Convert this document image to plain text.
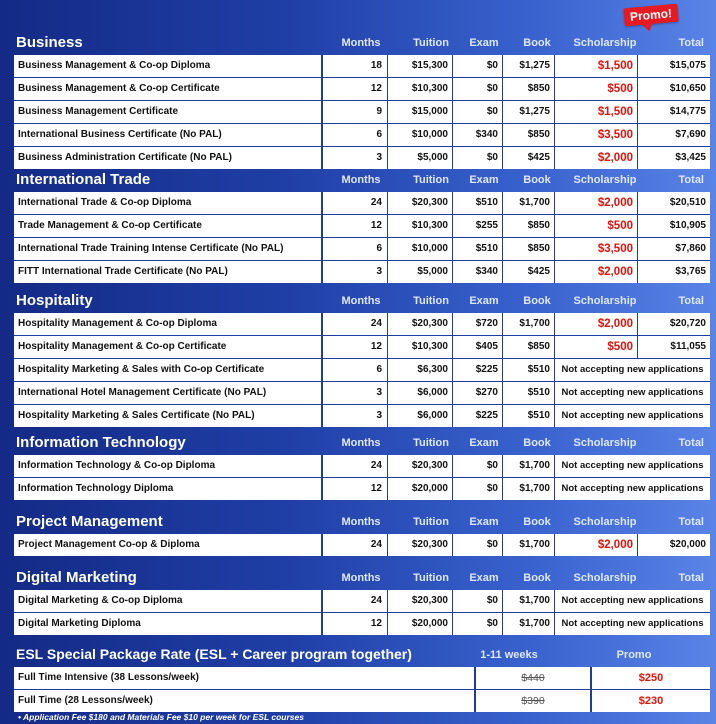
Business	Months	Tuition	Exam	Book	Scholarship	Total
Business Management & Co-op Diploma	18	$15,300	$0	$1,275	$1,500	$15,075
Business Management & Co-op Certificate	12	$10,300	$0	$850	$500	$10,650
Business Management Certificate	9	$15,000	$0	$1,275	$1,500	$14,775
International Business Certificate (No PAL)	6	$10,000	$340	$850	$3,500	$7,690
Business Administration Certificate (No PAL)	3	$5,000	$0	$425	$2,000	$3,425
International Trade	Months	Tuition	Exam	Book	Scholarship	Total
International Trade & Co-op Diploma	24	$20,300	$510	$1,700	$2,000	$20,510
Trade Management & Co-op Certificate	12	$10,300	$255	$850	$500	$10,905
International Trade Training Intense Certificate (No PAL)	6	$10,000	$510	$850	$3,500	$7,860
FITT International Trade Certificate (No PAL)	3	$5,000	$340	$425	$2,000	$3,765
Hospitality	Months	Tuition	Exam	Book	Scholarship	Total
Hospitality Management & Co-op Diploma	24	$20,300	$720	$1,700	$2,000	$20,720
Hospitality Management & Co-op Certificate	12	$10,300	$405	$850	$500	$11,055
Hospitality Marketing & Sales with Co-op Certificate	6	$6,300	$225	$510	Not accepting new applications
International Hotel Management Certificate (No PAL)	3	$6,000	$270	$510	Not accepting new applications
Hospitality Marketing & Sales Certificate (No PAL)	3	$6,000	$225	$510	Not accepting new applications
Information Technology	Months	Tuition	Exam	Book	Scholarship	Total
Information Technology & Co-op Diploma	24	$20,300	$0	$1,700	Not accepting new applications
Information Technology Diploma	12	$20,000	$0	$1,700	Not accepting new applications
Project Management	Months	Tuition	Exam	Book	Scholarship	Total
Project Management Co-op & Diploma	24	$20,300	$0	$1,700	$2,000	$20,000
Digital Marketing	Months	Tuition	Exam	Book	Scholarship	Total
Digital Marketing & Co-op Diploma	24	$20,300	$0	$1,700	Not accepting new applications
Digital Marketing Diploma	12	$20,000	$0	$1,700	Not accepting new applications
Promo!
ESL Special Package Rate (ESL + Career program together)	1-11 weeks	Promo
Full Time Intensive (38 Lessons/week)	$440	$250
Full Time (28 Lessons/week)	$390	$230
• Application Fee $180 and Materials Fee $10 per week for ESL courses
